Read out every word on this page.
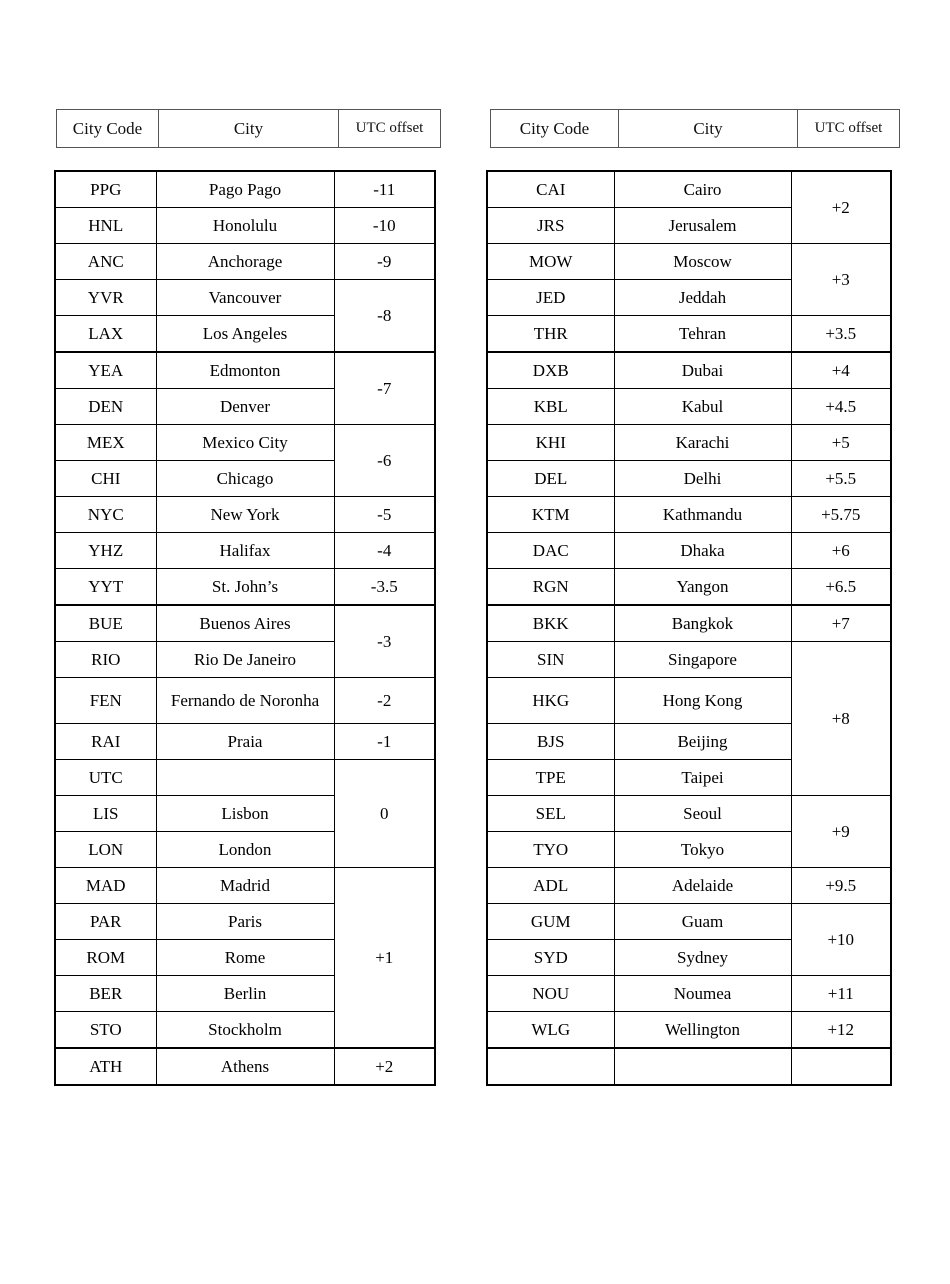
City Code	City	UTC offset	City Code	City	UTC offset
PPG	Pago Pago	-11
HNL	Honolulu	-10
ANC	Anchorage	-9
YVR	Vancouver	-8
LAX	Los Angeles	
YEA	Edmonton	-7
DEN	Denver	
MEX	Mexico City	-6
CHI	Chicago	
NYC	New York	-5
YHZ	Halifax	-4
YYT	St. John’s	-3.5
BUE	Buenos Aires	-3
RIO	Rio De Janeiro	
FEN	Fernando de Noronha	-2
RAI	Praia	-1
UTC		0
LIS	Lisbon	
LON	London	
MAD	Madrid	+1
PAR	Paris	
ROM	Rome	
BER	Berlin	
STO	Stockholm	
ATH	Athens	+2
CAI	Cairo	+2
JRS	Jerusalem	
MOW	Moscow	+3
JED	Jeddah	
THR	Tehran	+3.5
DXB	Dubai	+4
KBL	Kabul	+4.5
KHI	Karachi	+5
DEL	Delhi	+5.5
KTM	Kathmandu	+5.75
DAC	Dhaka	+6
RGN	Yangon	+6.5
BKK	Bangkok	+7
SIN	Singapore	+8
HKG	Hong Kong	
BJS	Beijing	
TPE	Taipei	
SEL	Seoul	+9
TYO	Tokyo	
ADL	Adelaide	+9.5
GUM	Guam	+10
SYD	Sydney	
NOU	Noumea	+11
WLG	Wellington	+12
